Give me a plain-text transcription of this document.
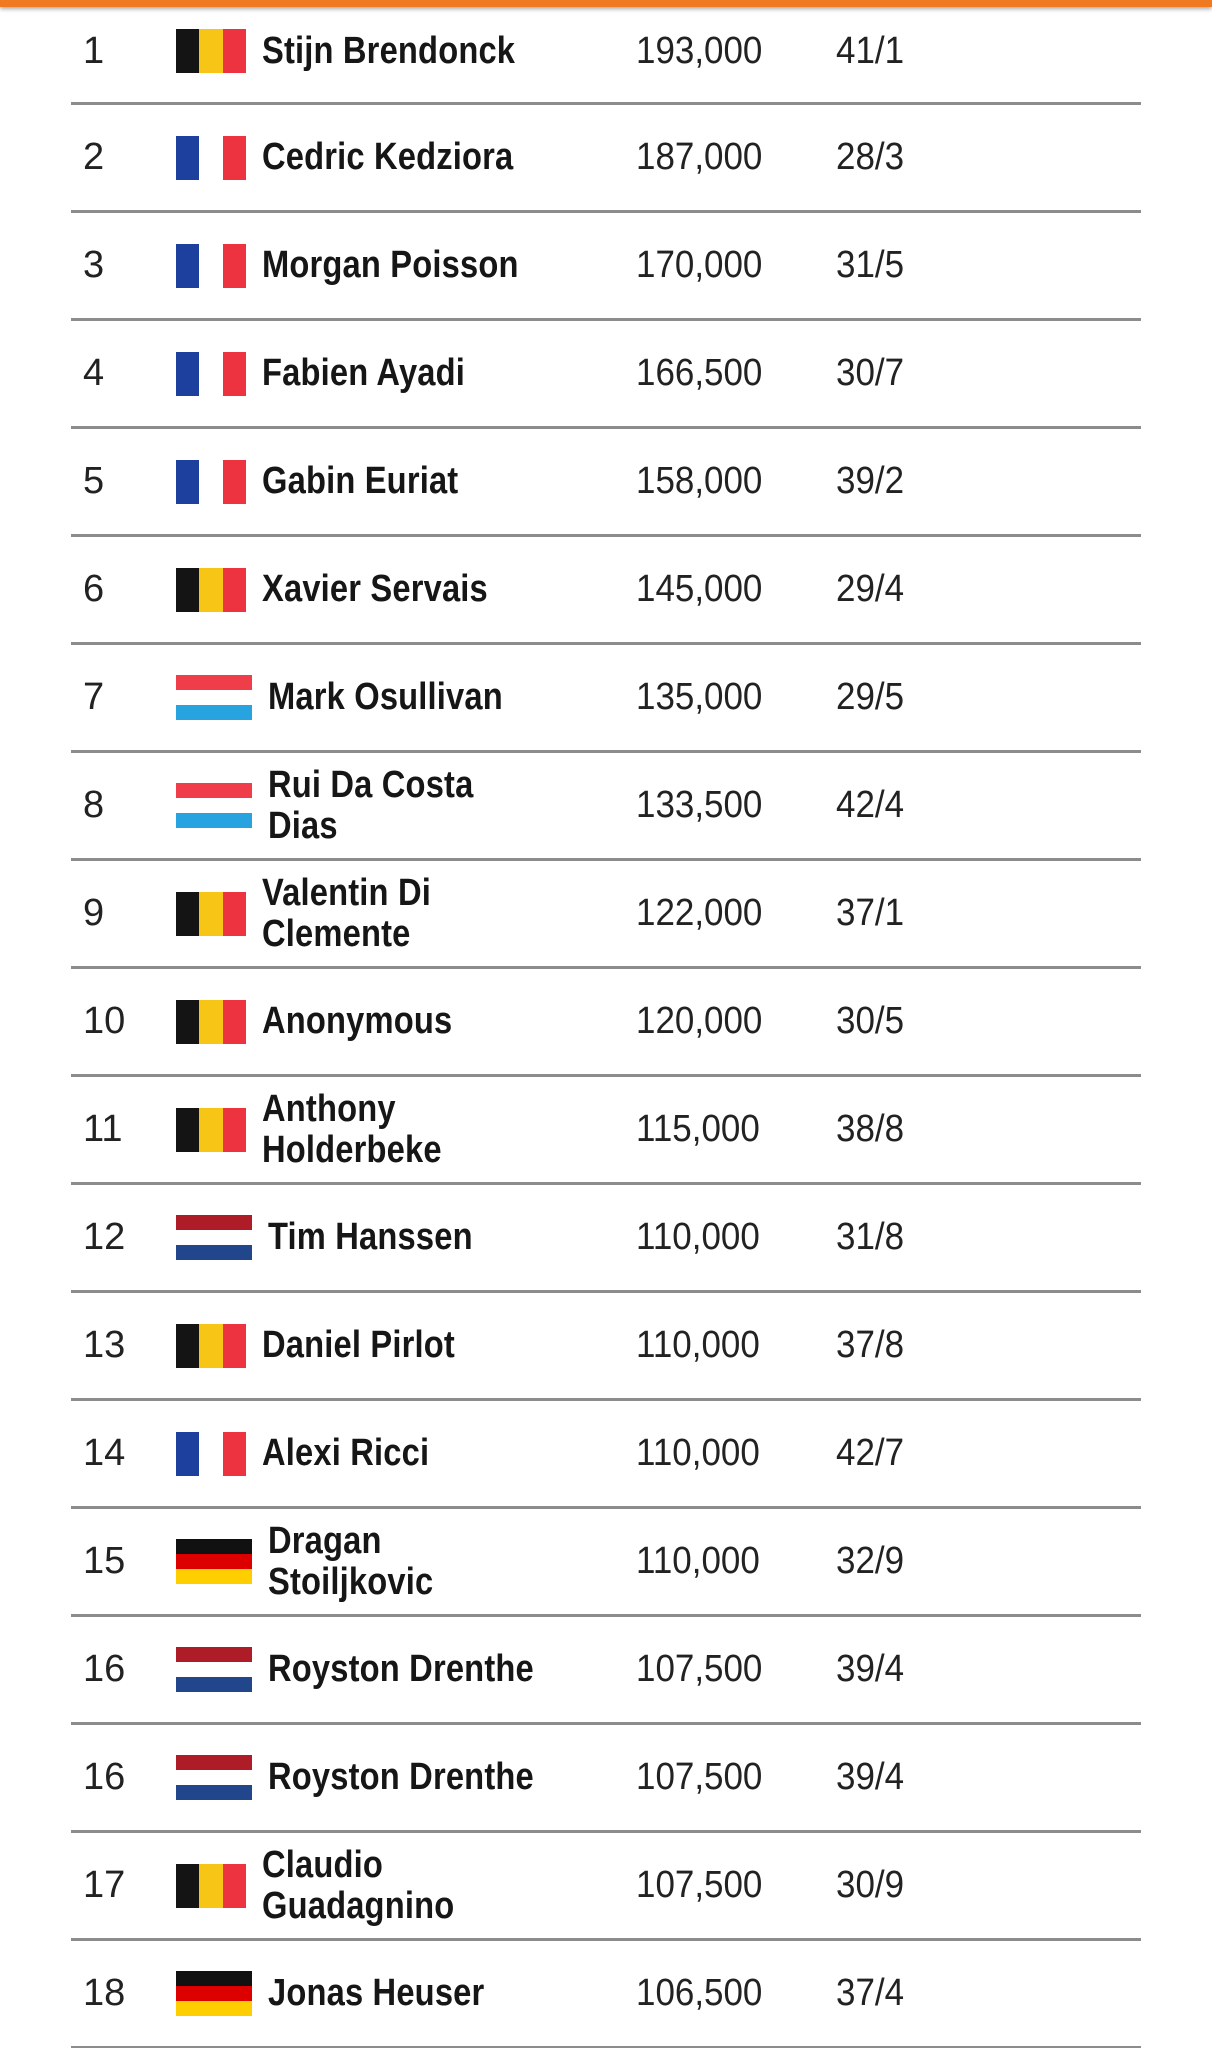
1	Stijn Brendonck	193,000 41/1
2	Cedric Kedziora	187,000 28/3
3	Morgan Poisson	170,000 31/5
4	Fabien Ayadi	166,500 30/7
5	Gabin Euriat	158,000 39/2
6	Xavier Servais	145,000 29/4
7	Mark Osullivan	135,000 29/5
8	Rui Da Costa Dias	133,500 42/4
9	Valentin Di Clemente	122,000 37/1
10	Anonymous	120,000 30/5
11	Anthony Holderbeke	115,000 38/8
12	Tim Hanssen	110,000 31/8
13	Daniel Pirlot	110,000 37/8
14	Alexi Ricci	110,000 42/7
15	Dragan Stoiljkovic	110,000 32/9
16	Royston Drenthe	107,500 39/4
16	Royston Drenthe	107,500 39/4
17	Claudio Guadagnino	107,500 30/9
18	Jonas Heuser	106,500 37/4
